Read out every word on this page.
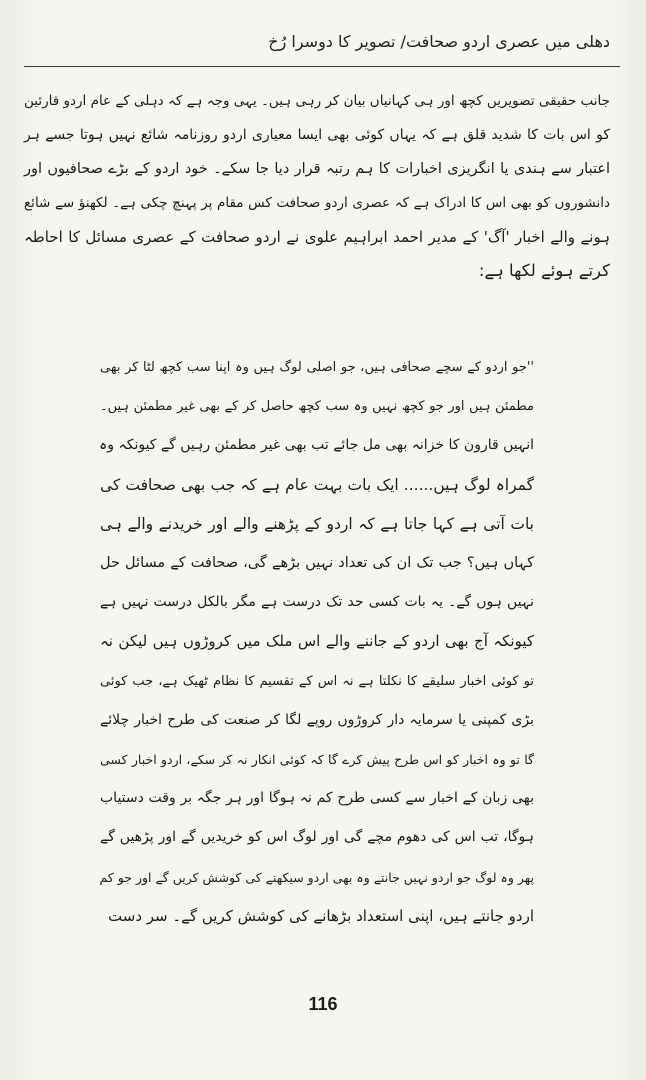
دھلی میں عصری اردو صحافت/ تصویر کا دوسرا رُخ
جانب حقیقی تصویریں کچھ اور ہی کہانیاں بیان کر رہی ہیں۔ یہی وجہ ہے کہ دہلی کے عام اردو قارئین
کو اس بات کا شدید قلق ہے کہ یہاں کوئی بھی ایسا معیاری اردو روزنامہ شائع نہیں ہوتا جسے ہر
اعتبار سے ہندی یا انگریزی اخبارات کا ہم رتبہ قرار دیا جا سکے۔ خود اردو کے بڑے صحافیوں اور
دانشوروں کو بھی اس کا ادراک ہے کہ عصری اردو صحافت کس مقام پر پہنچ چکی ہے۔ لکھنؤ سے شائع
ہونے والے اخبار 'آگ' کے مدیر احمد ابراہیم علوی نے اردو صحافت کے عصری مسائل کا احاطہ
کرتے ہوئے لکھا ہے:
''جو اردو کے سچے صحافی ہیں، جو اصلی لوگ ہیں وہ اپنا سب کچھ لٹا کر بھی
مطمئن ہیں اور جو کچھ نہیں وہ سب کچھ حاصل کر کے بھی غیر مطمئن ہیں۔
انہیں قارون کا خزانہ بھی مل جائے تب بھی غیر مطمئن رہیں گے کیونکہ وہ
گمراہ لوگ ہیں...... ایک بات بہت عام ہے کہ جب بھی صحافت کی
بات آتی ہے کہا جاتا ہے کہ اردو کے پڑھنے والے اور خریدنے والے ہی
کہاں ہیں؟ جب تک ان کی تعداد نہیں بڑھے گی، صحافت کے مسائل حل
نہیں ہوں گے۔ یہ بات کسی حد تک درست ہے مگر بالکل درست نہیں ہے
کیونکہ آج بھی اردو کے جاننے والے اس ملک میں کروڑوں ہیں لیکن نہ
تو کوئی اخبار سلیقے کا نکلتا ہے نہ اس کے تقسیم کا نظام ٹھیک ہے، جب کوئی
بڑی کمپنی یا سرمایہ دار کروڑوں روپے لگا کر صنعت کی طرح اخبار چلائے
گا تو وہ اخبار کو اس طرح پیش کرے گا کہ کوئی انکار نہ کر سکے، اردو اخبار کسی
بھی زبان کے اخبار سے کسی طرح کم نہ ہوگا اور ہر جگہ بر وقت دستیاب
ہوگا، تب اس کی دھوم مچے گی اور لوگ اس کو خریدیں گے اور پڑھیں گے
پھر وہ لوگ جو اردو نہیں جانتے وہ بھی اردو سیکھنے کی کوشش کریں گے اور جو کم
اردو جانتے ہیں، اپنی استعداد بڑھانے کی کوشش کریں گے۔ سر دست
116
